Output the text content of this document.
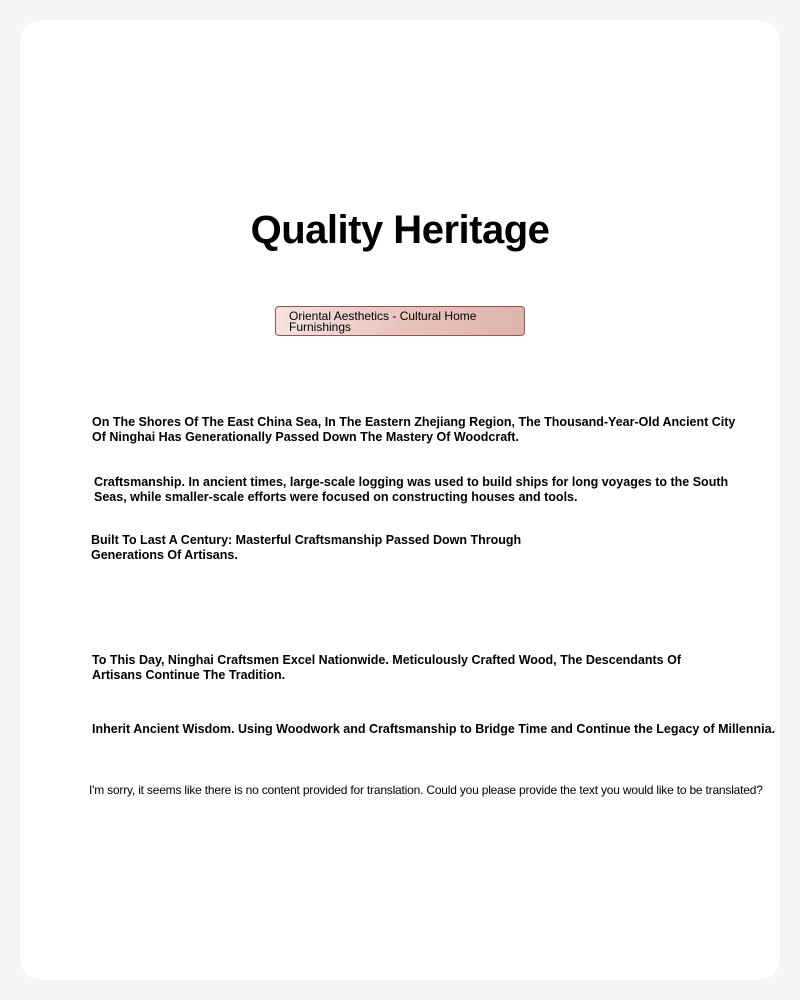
Quality Heritage
Oriental Aesthetics - Cultural Home Furnishings

On The Shores Of The East China Sea, In The Eastern Zhejiang Region, The Thousand-Year-Old Ancient City Of Ninghai Has Generationally Passed Down The Mastery Of Woodcraft.

Craftsmanship. In ancient times, large-scale logging was used to build ships for long voyages to the South Seas, while smaller-scale efforts were focused on constructing houses and tools.

Built To Last A Century: Masterful Craftsmanship Passed Down Through Generations Of Artisans.

To This Day, Ninghai Craftsmen Excel Nationwide. Meticulously Crafted Wood, The Descendants Of Artisans Continue The Tradition.

Inherit Ancient Wisdom. Using Woodwork and Craftsmanship to Bridge Time and Continue the Legacy of Millennia.

I'm sorry, it seems like there is no content provided for translation. Could you please provide the text you would like to be translated?
